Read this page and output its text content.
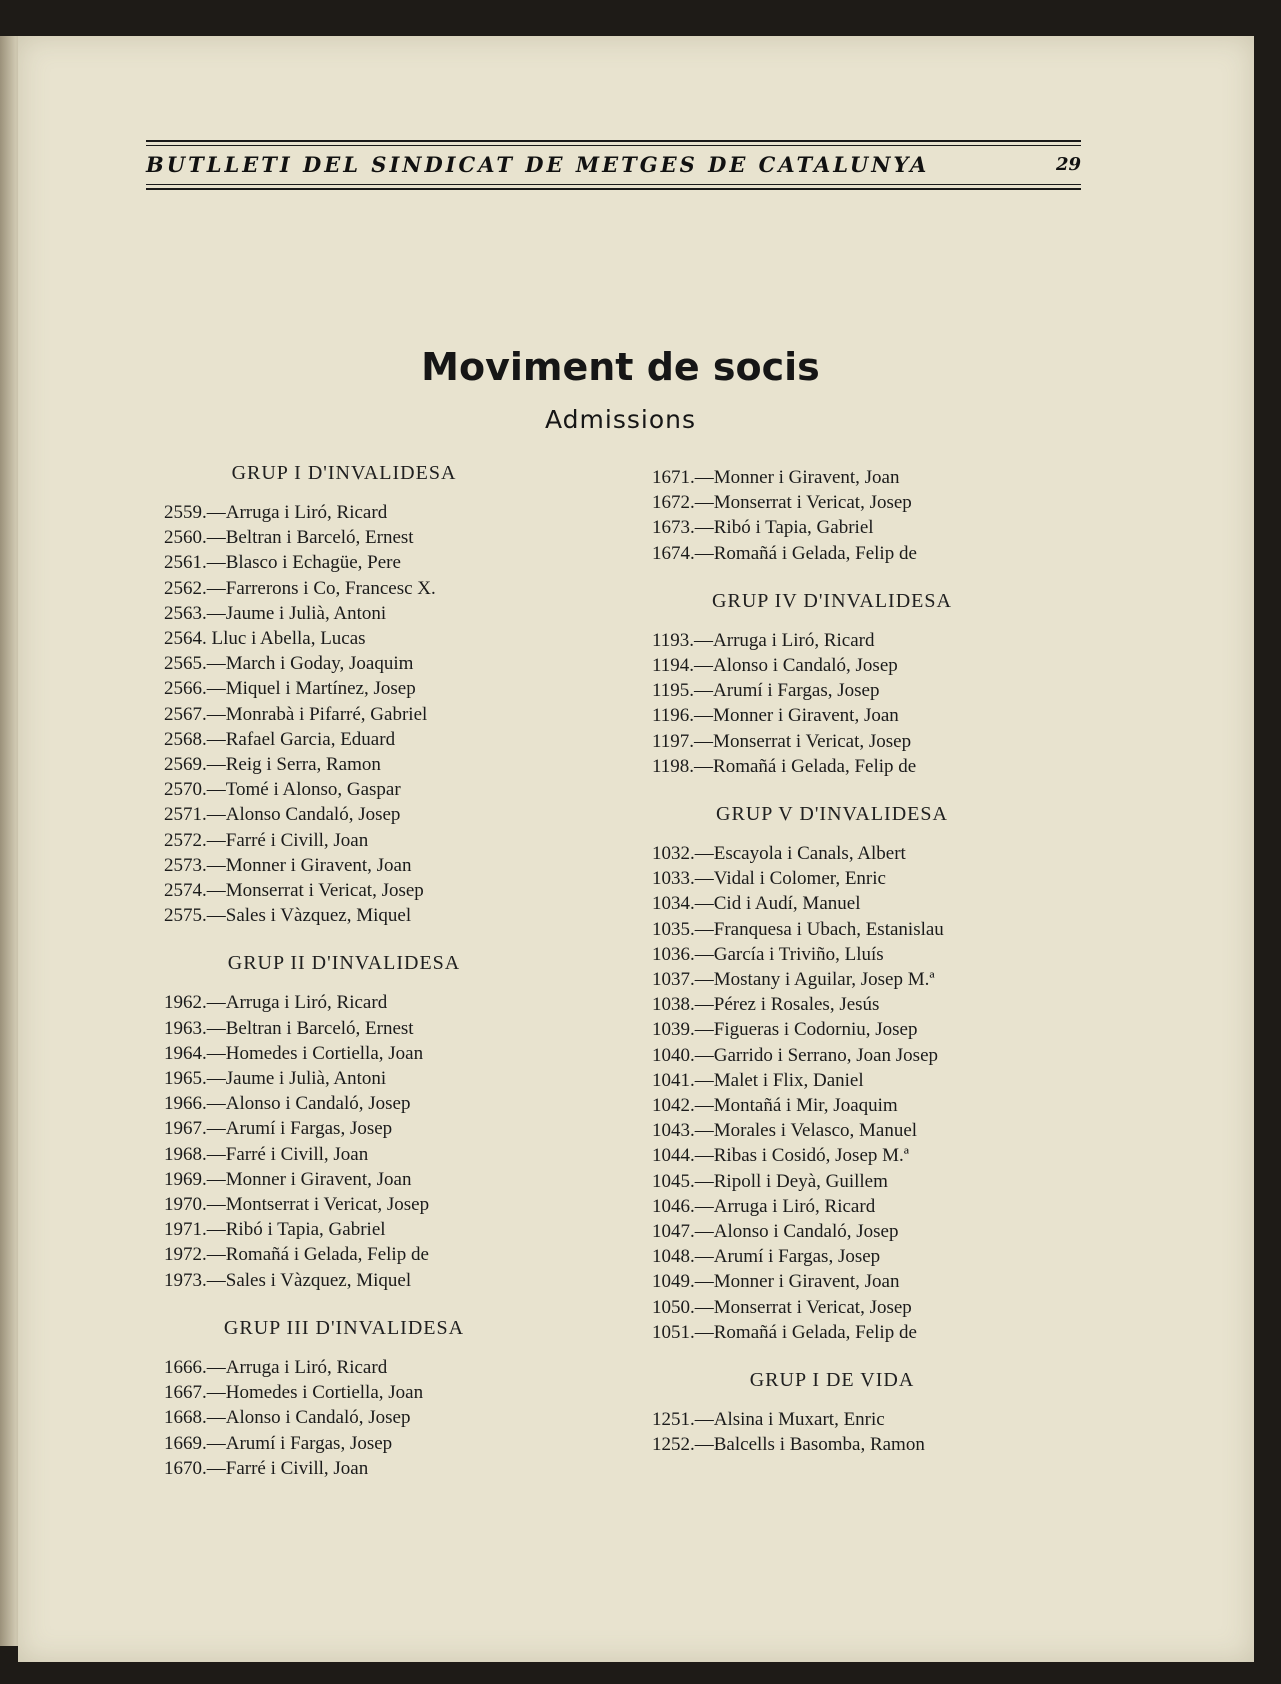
BUTLLETI DEL SINDICAT DE METGES DE CATALUNYA	29
Moviment de socis
Admissions
GRUP I D'INVALIDESA
2559.—Arruga i Liró, Ricard
2560.—Beltran i Barceló, Ernest
2561.—Blasco i Echagüe, Pere
2562.—Farrerons i Co, Francesc X.
2563.—Jaume i Julià, Antoni
2564. Lluc i Abella, Lucas
2565.—March i Goday, Joaquim
2566.—Miquel i Martínez, Josep
2567.—Monrabà i Pifarré, Gabriel
2568.—Rafael Garcia, Eduard
2569.—Reig i Serra, Ramon
2570.—Tomé i Alonso, Gaspar
2571.—Alonso Candaló, Josep
2572.—Farré i Civill, Joan
2573.—Monner i Giravent, Joan
2574.—Monserrat i Vericat, Josep
2575.—Sales i Vàzquez, Miquel
GRUP II D'INVALIDESA
1962.—Arruga i Liró, Ricard
1963.—Beltran i Barceló, Ernest
1964.—Homedes i Cortiella, Joan
1965.—Jaume i Julià, Antoni
1966.—Alonso i Candaló, Josep
1967.—Arumí i Fargas, Josep
1968.—Farré i Civill, Joan
1969.—Monner i Giravent, Joan
1970.—Montserrat i Vericat, Josep
1971.—Ribó i Tapia, Gabriel
1972.—Romañá i Gelada, Felip de
1973.—Sales i Vàzquez, Miquel
GRUP III D'INVALIDESA
1666.—Arruga i Liró, Ricard
1667.—Homedes i Cortiella, Joan
1668.—Alonso i Candaló, Josep
1669.—Arumí i Fargas, Josep
1670.—Farré i Civill, Joan
1671.—Monner i Giravent, Joan
1672.—Monserrat i Vericat, Josep
1673.—Ribó i Tapia, Gabriel
1674.—Romañá i Gelada, Felip de
GRUP IV D'INVALIDESA
1193.—Arruga i Liró, Ricard
1194.—Alonso i Candaló, Josep
1195.—Arumí i Fargas, Josep
1196.—Monner i Giravent, Joan
1197.—Monserrat i Vericat, Josep
1198.—Romañá i Gelada, Felip de
GRUP V D'INVALIDESA
1032.—Escayola i Canals, Albert
1033.—Vidal i Colomer, Enric
1034.—Cid i Audí, Manuel
1035.—Franquesa i Ubach, Estanislau
1036.—García i Triviño, Lluís
1037.—Mostany i Aguilar, Josep M.ª
1038.—Pérez i Rosales, Jesús
1039.—Figueras i Codorniu, Josep
1040.—Garrido i Serrano, Joan Josep
1041.—Malet i Flix, Daniel
1042.—Montañá i Mir, Joaquim
1043.—Morales i Velasco, Manuel
1044.—Ribas i Cosidó, Josep M.ª
1045.—Ripoll i Deyà, Guillem
1046.—Arruga i Liró, Ricard
1047.—Alonso i Candaló, Josep
1048.—Arumí i Fargas, Josep
1049.—Monner i Giravent, Joan
1050.—Monserrat i Vericat, Josep
1051.—Romañá i Gelada, Felip de
GRUP I DE VIDA
1251.—Alsina i Muxart, Enric
1252.—Balcells i Basomba, Ramon
